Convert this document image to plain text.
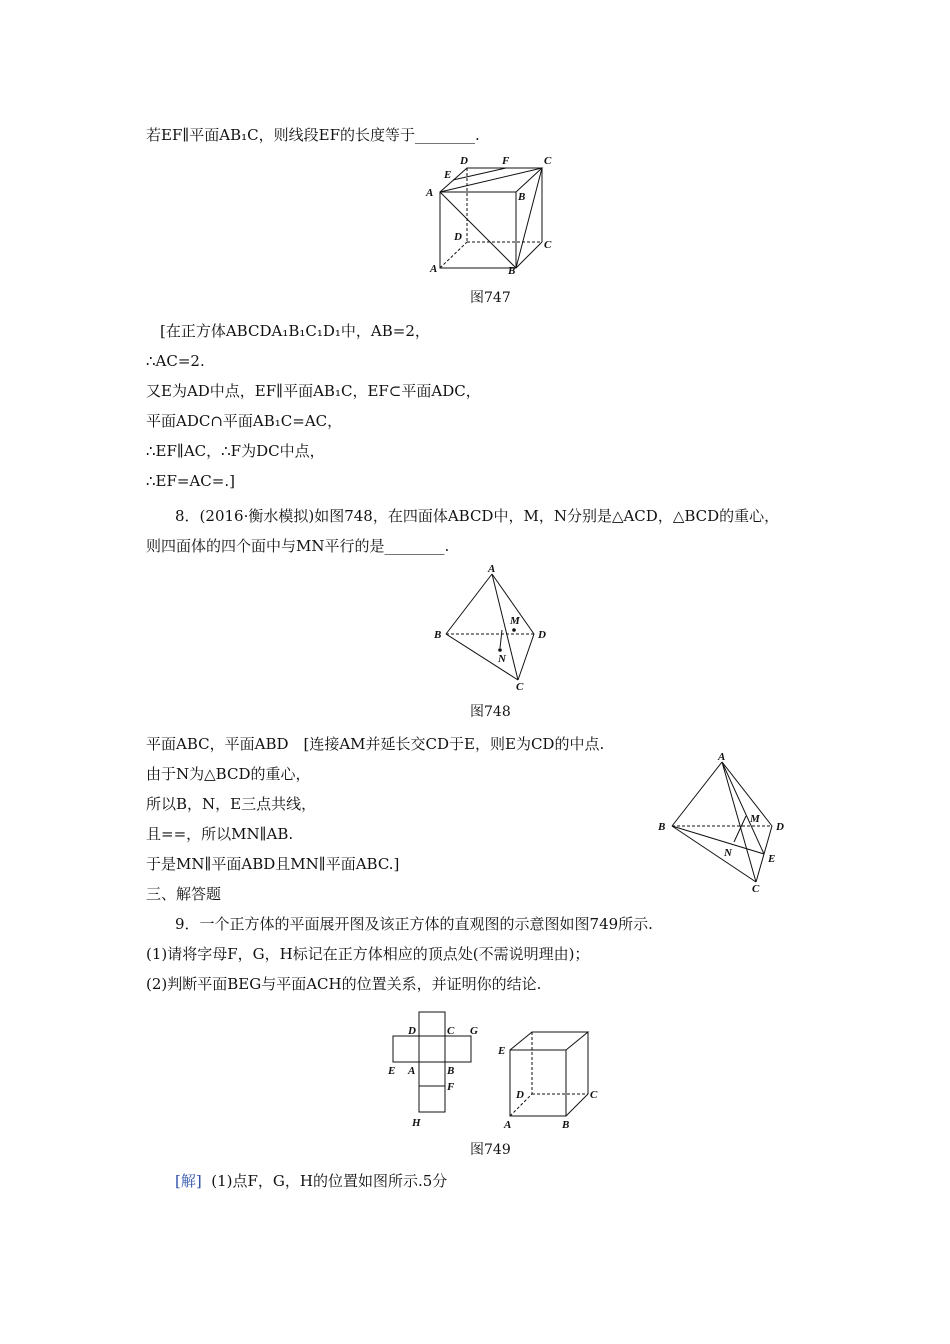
若EF∥平面AB₁C，则线段EF的长度等于________.
A
E
D	F	C
B
D
C
A	B
图747
[在正方体ABCDA₁B₁C₁D₁中，AB=2，
∴AC=2.
又E为AD中点，EF∥平面AB₁C，EF⊂平面ADC，
平面ADC∩平面AB₁C=AC，
∴EF∥AC，∴F为DC中点，
∴EF=AC=.]
8．(2016·衡水模拟)如图748，在四面体ABCD中，M，N分别是△ACD，△BCD的重心，
则四面体的四个面中与MN平行的是________.
A
B	D
M
N
C
图748
平面ABC，平面ABD　[连接AM并延长交CD于E，则E为CD的中点.
由于N为△BCD的重心，
所以B，N，E三点共线，
且==，所以MN∥AB.
于是MN∥平面ABD且MN∥平面ABC.]
A
B	D
M
N	E
C
三、解答题
9．一个正方体的平面展开图及该正方体的直观图的示意图如图749所示.
(1)请将字母F，G，H标记在正方体相应的顶点处(不需说明理由)；
(2)判断平面BEG与平面ACH的位置关系，并证明你的结论.
D	C G
E A	B
F
H
E
D	C
A	B
图749
[解] (1)点F，G，H的位置如图所示.5分
